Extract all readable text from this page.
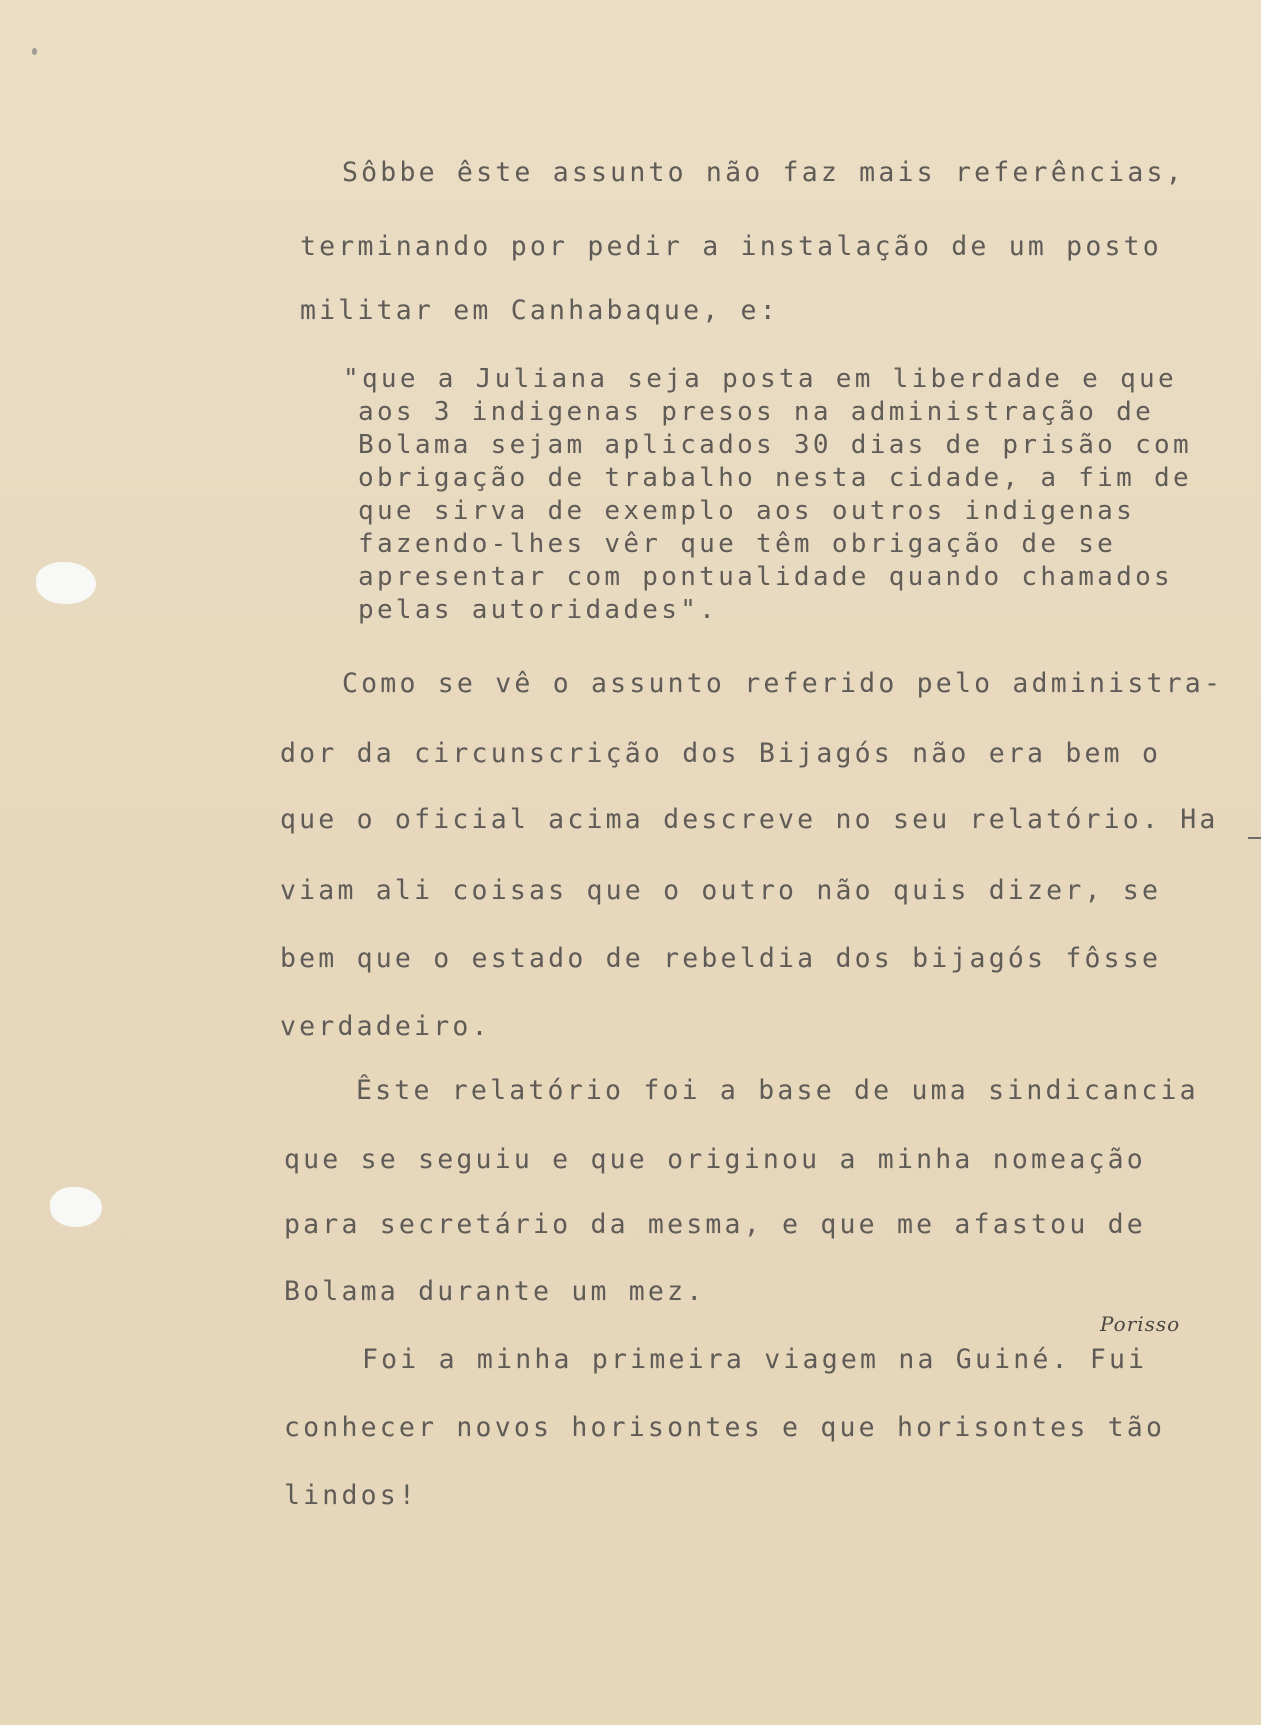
Sôbbe êste assunto não faz mais referências,
terminando por pedir a instalação de um posto
militar em Canhabaque, e:
"que a Juliana seja posta em liberdade e que
aos 3 indigenas presos na administração de
Bolama sejam aplicados 30 dias de prisão com
obrigação de trabalho nesta cidade, a fim de
que sirva de exemplo aos outros indigenas
fazendo-lhes vêr que têm obrigação de se
apresentar com pontualidade quando chamados
pelas autoridades".
Como se vê o assunto referido pelo administra-
dor da circunscrição dos Bijagós não era bem o
que o oficial acima descreve no seu relatório. Ha
viam ali coisas que o outro não quis dizer, se
bem que o estado de rebeldia dos bijagós fôsse
verdadeiro.
Êste relatório foi a base de uma sindicancia
que se seguiu e que originou a minha nomeação
para secretário da mesma, e que me afastou de
Bolama durante um mez.
Porisso
Foi a minha primeira viagem na Guiné. Fui
conhecer novos horisontes e que horisontes tão
lindos!
